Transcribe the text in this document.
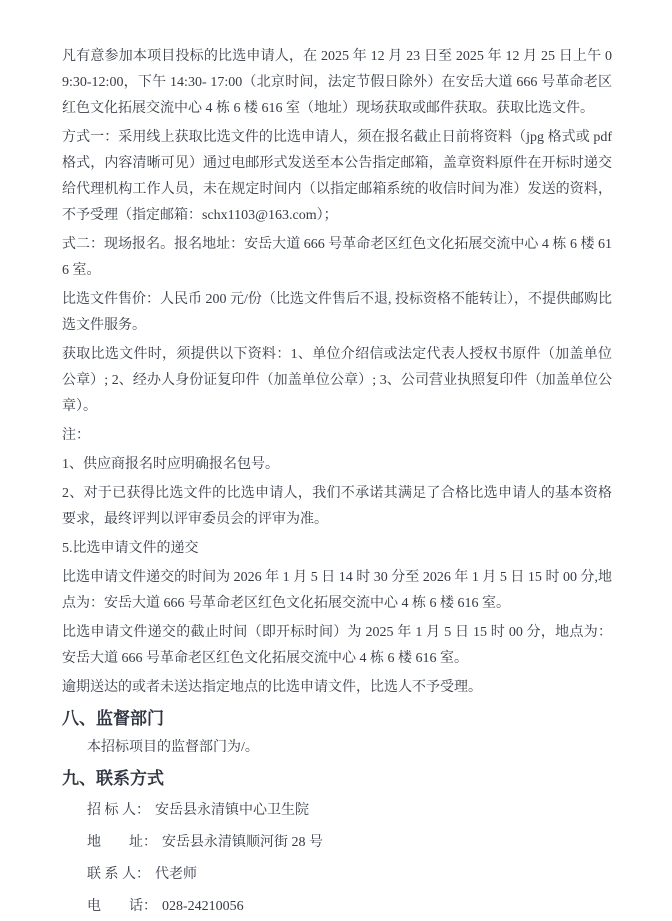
凡有意参加本项目投标的比选申请人，在 2025 年 12 月 23 日至 2025 年 12 月 25 日上午 09:30-12:00，下午 14:30- 17:00（北京时间，法定节假日除外）在安岳大道 666 号革命老区红色文化拓展交流中心 4 栋 6 楼 616 室（地址）现场获取或邮件获取。获取比选文件。

方式一：采用线上获取比选文件的比选申请人，须在报名截止日前将资料（jpg 格式或 pdf 格式，内容清晰可见）通过电邮形式发送至本公告指定邮箱，盖章资料原件在开标时递交给代理机构工作人员，未在规定时间内（以指定邮箱系统的收信时间为准）发送的资料，不予受理（指定邮箱：schx1103@163.com）；

式二：现场报名。报名地址：安岳大道 666 号革命老区红色文化拓展交流中心 4 栋 6 楼 616 室。

比选文件售价：人民币 200 元/份（比选文件售后不退, 投标资格不能转让），不提供邮购比选文件服务。

获取比选文件时，须提供以下资料：1、单位介绍信或法定代表人授权书原件（加盖单位公章）; 2、经办人身份证复印件（加盖单位公章）; 3、公司营业执照复印件（加盖单位公章）。

注：

1、供应商报名时应明确报名包号。

2、对于已获得比选文件的比选申请人，我们不承诺其满足了合格比选申请人的基本资格要求，最终评判以评审委员会的评审为准。

5.比选申请文件的递交

比选申请文件递交的时间为 2026 年 1 月 5 日 14 时 30 分至 2026 年 1 月 5 日 15 时 00 分,地点为：安岳大道 666 号革命老区红色文化拓展交流中心 4 栋 6 楼 616 室。

比选申请文件递交的截止时间（即开标时间）为 2025 年 1 月 5 日 15 时 00 分，地点为：安岳大道 666 号革命老区红色文化拓展交流中心 4 栋 6 楼 616 室。

逾期送达的或者未送达指定地点的比选申请文件，比选人不予受理。

八、监督部门

本招标项目的监督部门为/。

九、联系方式
招 标 人： 安岳县永清镇中心卫生院
地　　址： 安岳县永清镇顺河街 28 号
联 系 人： 代老师
电　　话： 028-24210056
